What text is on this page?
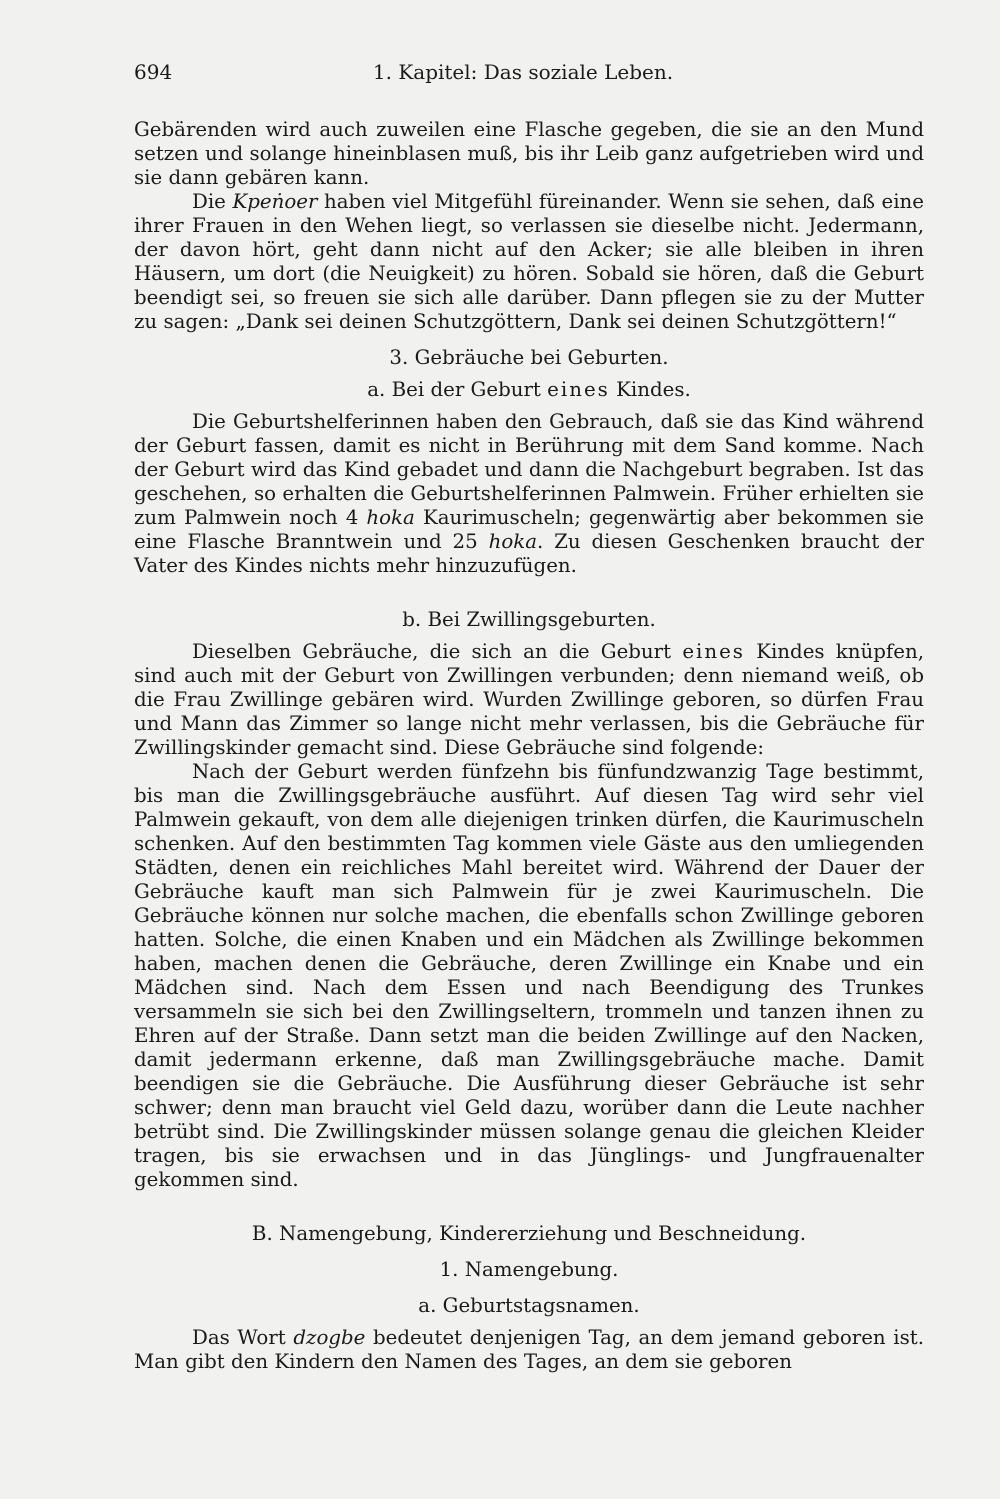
694	1. Kapitel: Das soziale Leben.

Gebärenden wird auch zuweilen eine Flasche gegeben, die sie an den Mund setzen und solange hineinblasen muß, bis ihr Leib ganz aufgetrieben wird und sie dann gebären kann.

Die Kpeṅoer haben viel Mitgefühl füreinander. Wenn sie sehen, daß eine ihrer Frauen in den Wehen liegt, so verlassen sie dieselbe nicht. Jedermann, der davon hört, geht dann nicht auf den Acker; sie alle bleiben in ihren Häusern, um dort (die Neuigkeit) zu hören. Sobald sie hören, daß die Geburt beendigt sei, so freuen sie sich alle darüber. Dann pflegen sie zu der Mutter zu sagen: „Dank sei deinen Schutzgöttern, Dank sei deinen Schutzgöttern!“

3. Gebräuche bei Geburten.

a. Bei der Geburt eines Kindes.

Die Geburtshelferinnen haben den Gebrauch, daß sie das Kind während der Geburt fassen, damit es nicht in Berührung mit dem Sand komme. Nach der Geburt wird das Kind gebadet und dann die Nachgeburt begraben. Ist das geschehen, so erhalten die Geburtshelferinnen Palmwein. Früher erhielten sie zum Palmwein noch 4 hoka Kaurimuscheln; gegenwärtig aber bekommen sie eine Flasche Branntwein und 25 hoka. Zu diesen Geschenken braucht der Vater des Kindes nichts mehr hinzuzufügen.

b. Bei Zwillingsgeburten.

Dieselben Gebräuche, die sich an die Geburt eines Kindes knüpfen, sind auch mit der Geburt von Zwillingen verbunden; denn niemand weiß, ob die Frau Zwillinge gebären wird. Wurden Zwillinge geboren, so dürfen Frau und Mann das Zimmer so lange nicht mehr verlassen, bis die Gebräuche für Zwillingskinder gemacht sind. Diese Gebräuche sind folgende:

Nach der Geburt werden fünfzehn bis fünfundzwanzig Tage bestimmt, bis man die Zwillingsgebräuche ausführt. Auf diesen Tag wird sehr viel Palmwein gekauft, von dem alle diejenigen trinken dürfen, die Kaurimuscheln schenken. Auf den bestimmten Tag kommen viele Gäste aus den umliegenden Städten, denen ein reichliches Mahl bereitet wird. Während der Dauer der Gebräuche kauft man sich Palmwein für je zwei Kaurimuscheln. Die Gebräuche können nur solche machen, die ebenfalls schon Zwillinge geboren hatten. Solche, die einen Knaben und ein Mädchen als Zwillinge bekommen haben, machen denen die Gebräuche, deren Zwillinge ein Knabe und ein Mädchen sind. Nach dem Essen und nach Beendigung des Trunkes versammeln sie sich bei den Zwillingseltern, trommeln und tanzen ihnen zu Ehren auf der Straße. Dann setzt man die beiden Zwillinge auf den Nacken, damit jedermann erkenne, daß man Zwillingsgebräuche mache. Damit beendigen sie die Gebräuche. Die Ausführung dieser Gebräuche ist sehr schwer; denn man braucht viel Geld dazu, worüber dann die Leute nachher betrübt sind. Die Zwillingskinder müssen solange genau die gleichen Kleider tragen, bis sie erwachsen und in das Jünglings- und Jungfrauenalter gekommen sind.

B. Namengebung, Kindererziehung und Beschneidung.

1. Namengebung.

a. Geburtstagsnamen.

Das Wort dzogbe bedeutet denjenigen Tag, an dem jemand geboren ist. Man gibt den Kindern den Namen des Tages, an dem sie geboren
